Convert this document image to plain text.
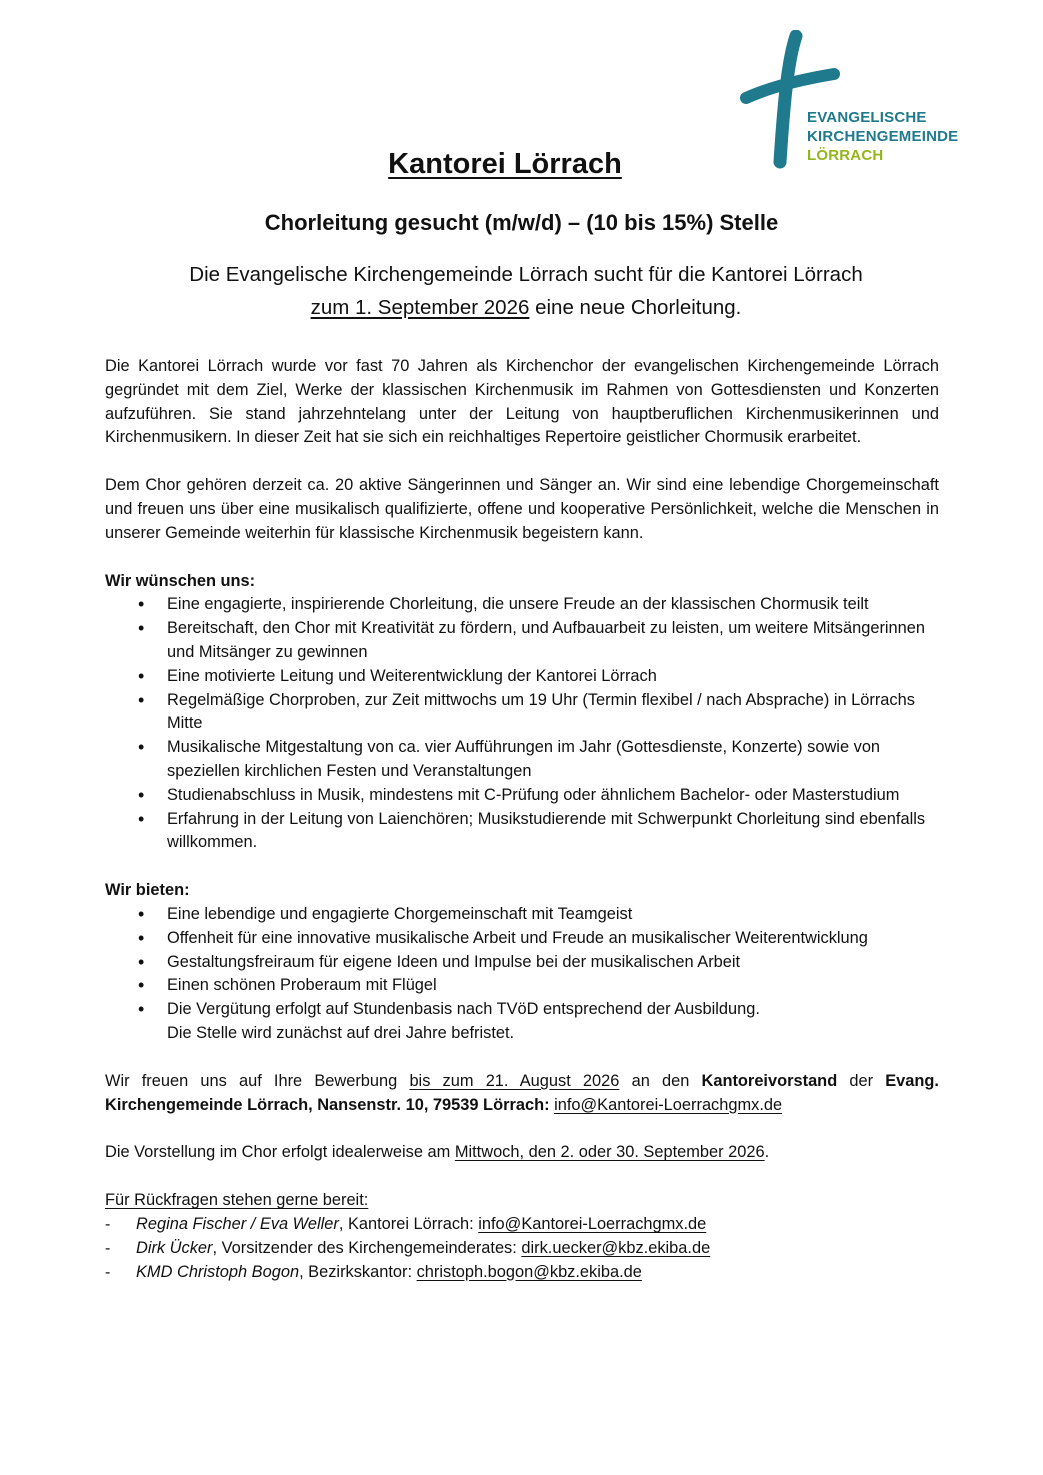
EVANGELISCHE
KIRCHENGEMEINDE
LÖRRACH
Kantorei Lörrach
Chorleitung gesucht (m/w/d) – (10 bis 15%) Stelle
Die Evangelische Kirchengemeinde Lörrach sucht für die Kantorei Lörrach
zum 1. September 2026 eine neue Chorleitung.

Die Kantorei Lörrach wurde vor fast 70 Jahren als Kirchenchor der evangelischen Kirchengemeinde Lörrach gegründet mit dem Ziel, Werke der klassischen Kirchenmusik im Rahmen von Gottesdiensten und Konzerten aufzuführen. Sie stand jahrzehntelang unter der Leitung von hauptberuflichen Kirchenmusikerinnen und Kirchenmusikern. In dieser Zeit hat sie sich ein reichhaltiges Repertoire geistlicher Chormusik erarbeitet.

Dem Chor gehören derzeit ca. 20 aktive Sängerinnen und Sänger an. Wir sind eine lebendige Chorgemeinschaft und freuen uns über eine musikalisch qualifizierte, offene und kooperative Persönlichkeit, welche die Menschen in unserer Gemeinde weiterhin für klassische Kirchenmusik begeistern kann.

Wir wünschen uns:

• Eine engagierte, inspirierende Chorleitung, die unsere Freude an der klassischen Chormusik teilt
• Bereitschaft, den Chor mit Kreativität zu fördern, und Aufbauarbeit zu leisten, um weitere Mitsängerinnen und Mitsänger zu gewinnen
• Eine motivierte Leitung und Weiterentwicklung der Kantorei Lörrach
• Regelmäßige Chorproben, zur Zeit mittwochs um 19 Uhr (Termin flexibel / nach Absprache) in Lörrachs Mitte
• Musikalische Mitgestaltung von ca. vier Aufführungen im Jahr (Gottesdienste, Konzerte) sowie von speziellen kirchlichen Festen und Veranstaltungen
• Studienabschluss in Musik, mindestens mit C-Prüfung oder ähnlichem Bachelor- oder Masterstudium
• Erfahrung in der Leitung von Laienchören; Musikstudierende mit Schwerpunkt Chorleitung sind ebenfalls willkommen.

Wir bieten:

• Eine lebendige und engagierte Chorgemeinschaft mit Teamgeist
• Offenheit für eine innovative musikalische Arbeit und Freude an musikalischer Weiterentwicklung
• Gestaltungsfreiraum für eigene Ideen und Impulse bei der musikalischen Arbeit
• Einen schönen Proberaum mit Flügel
• Die Vergütung erfolgt auf Stundenbasis nach TVöD entsprechend der Ausbildung.
Die Stelle wird zunächst auf drei Jahre befristet.

Wir freuen uns auf Ihre Bewerbung bis zum 21. August 2026 an den Kantoreivorstand der Evang. Kirchengemeinde Lörrach, Nansenstr. 10, 79539 Lörrach: info@Kantorei-Loerrachgmx.de

Die Vorstellung im Chor erfolgt idealerweise am Mittwoch, den 2. oder 30. September 2026.

Für Rückfragen stehen gerne bereit:

- Regina Fischer / Eva Weller, Kantorei Lörrach: info@Kantorei-Loerrachgmx.de
- Dirk Ücker, Vorsitzender des Kirchengemeinderates: dirk.uecker@kbz.ekiba.de
- KMD Christoph Bogon, Bezirkskantor: christoph.bogon@kbz.ekiba.de
